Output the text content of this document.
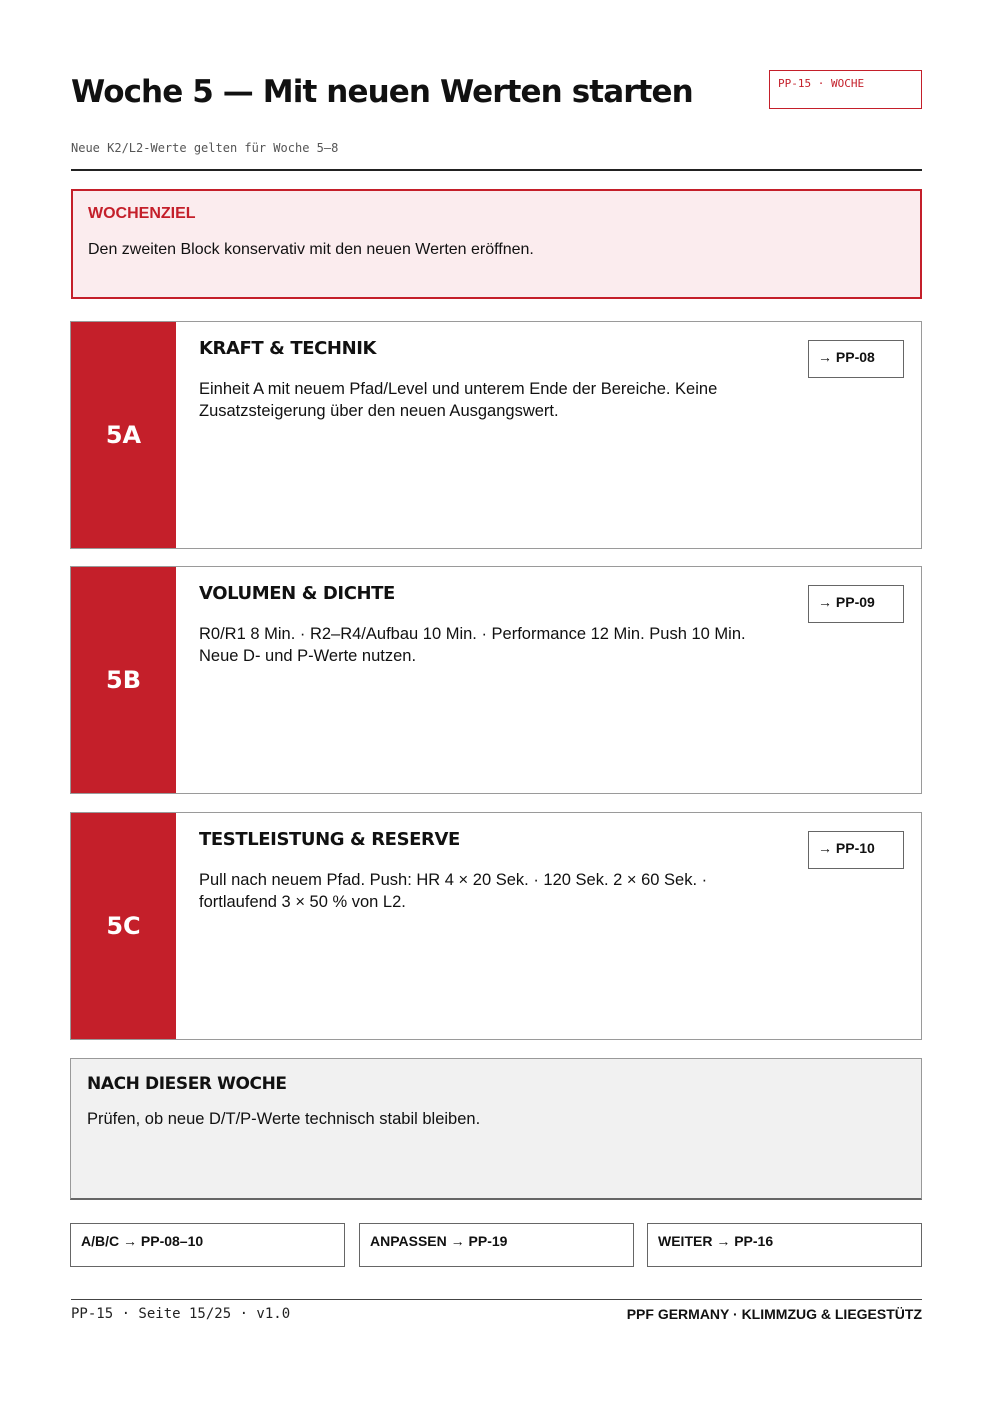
Woche 5 — Mit neuen Werten starten	PP-15 · WOCHE
Neue K2/L2-Werte gelten für Woche 5–8
WOCHENZIEL
Den zweiten Block konservativ mit den neuen Werten eröffnen.
5A
KRAFT & TECHNIK
Einheit A mit neuem Pfad/Level und unterem Ende der Bereiche. Keine Zusatzsteigerung über den neuen Ausgangswert.
→ PP-08
5B
VOLUMEN & DICHTE
R0/R1 8 Min. · R2–R4/Aufbau 10 Min. · Performance 12 Min. Push 10 Min. Neue D- und P-Werte nutzen.
→ PP-09
5C
TESTLEISTUNG & RESERVE
Pull nach neuem Pfad. Push: HR 4 × 20 Sek. · 120 Sek. 2 × 60 Sek. · fortlaufend 3 × 50 % von L2.
→ PP-10
NACH DIESER WOCHE
Prüfen, ob neue D/T/P-Werte technisch stabil bleiben.
A/B/C → PP-08–10	ANPASSEN → PP-19	WEITER → PP-16
PP-15 · Seite 15/25 · v1.0	PPF GERMANY · KLIMMZUG & LIEGESTÜTZ
